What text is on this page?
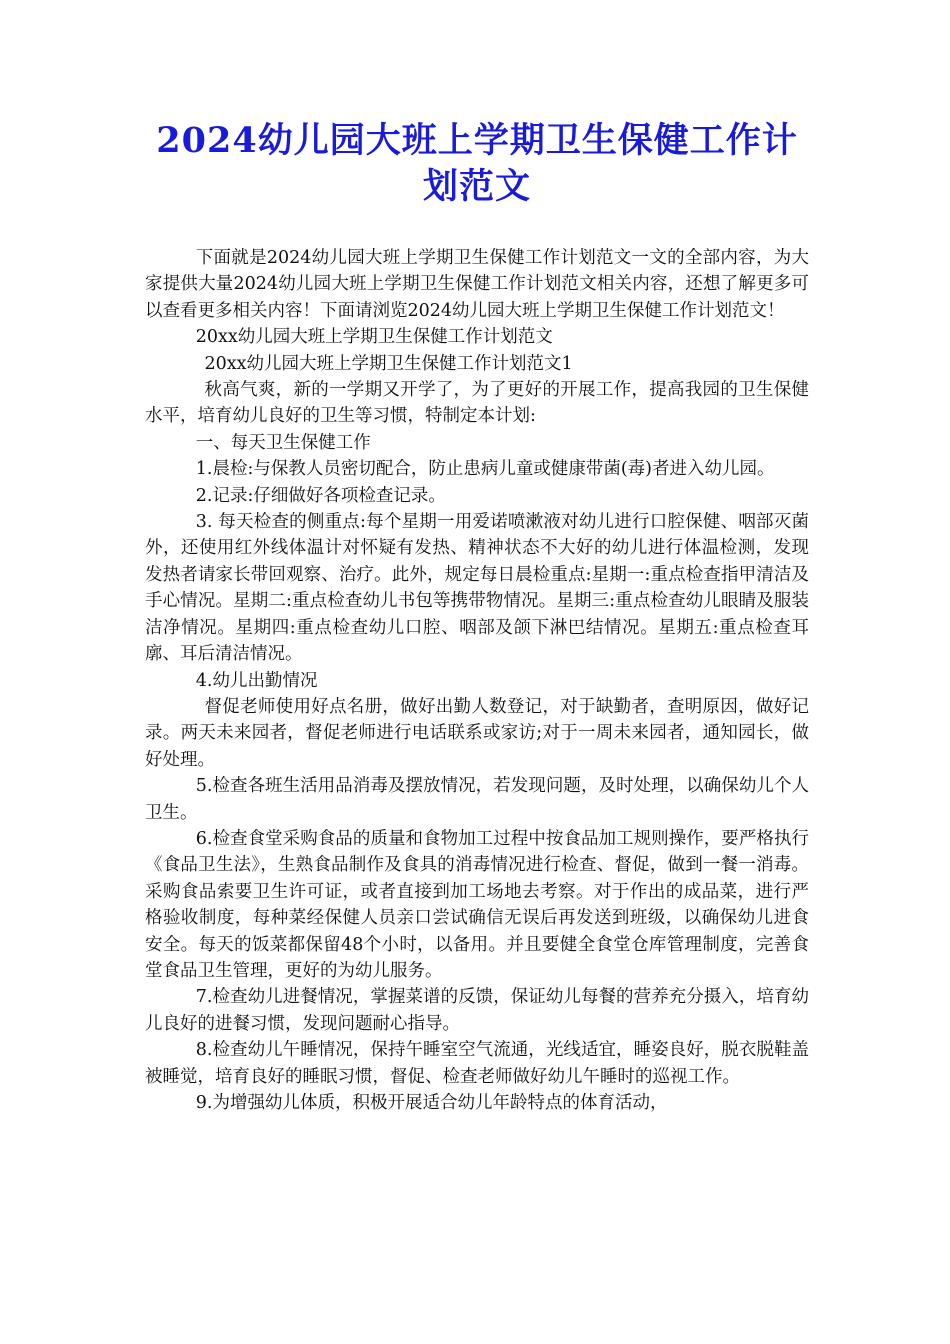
2024幼儿园大班上学期卫生保健工作计划范文

下面就是2024幼儿园大班上学期卫生保健工作计划范文一文的全部内容，为大家提供大量2024幼儿园大班上学期卫生保健工作计划范文相关内容，还想了解更多可以查看更多相关内容！下面请浏览2024幼儿园大班上学期卫生保健工作计划范文！

20xx幼儿园大班上学期卫生保健工作计划范文

20xx幼儿园大班上学期卫生保健工作计划范文1

秋高气爽，新的一学期又开学了，为了更好的开展工作，提高我园的卫生保健水平，培育幼儿良好的卫生等习惯，特制定本计划:

一、每天卫生保健工作

1.晨检:与保教人员密切配合，防止患病儿童或健康带菌(毒)者进入幼儿园。

2.记录:仔细做好各项检查记录。

3. 每天检查的侧重点:每个星期一用爱诺喷漱液对幼儿进行口腔保健、咽部灭菌外，还使用红外线体温计对怀疑有发热、精神状态不大好的幼儿进行体温检测，发现发热者请家长带回观察、治疗。此外，规定每日晨检重点:星期一:重点检查指甲清洁及手心情况。星期二:重点检查幼儿书包等携带物情况。星期三:重点检查幼儿眼睛及服装洁净情况。星期四:重点检查幼儿口腔、咽部及颌下淋巴结情况。星期五:重点检查耳廓、耳后清洁情况。

4.幼儿出勤情况

督促老师使用好点名册，做好出勤人数登记，对于缺勤者，查明原因，做好记录。两天未来园者，督促老师进行电话联系或家访;对于一周未来园者，通知园长，做好处理。

5.检查各班生活用品消毒及摆放情况，若发现问题，及时处理，以确保幼儿个人卫生。

6.检查食堂采购食品的质量和食物加工过程中按食品加工规则操作，要严格执行《食品卫生法》，生熟食品制作及食具的消毒情况进行检查、督促，做到一餐一消毒。采购食品索要卫生许可证，或者直接到加工场地去考察。对于作出的成品菜，进行严格验收制度，每种菜经保健人员亲口尝试确信无误后再发送到班级，以确保幼儿进食安全。每天的饭菜都保留48个小时，以备用。并且要健全食堂仓库管理制度，完善食堂食品卫生管理，更好的为幼儿服务。

7.检查幼儿进餐情况，掌握菜谱的反馈，保证幼儿每餐的营养充分摄入，培育幼儿良好的进餐习惯，发现问题耐心指导。

8.检查幼儿午睡情况，保持午睡室空气流通，光线适宜，睡姿良好，脱衣脱鞋盖被睡觉，培育良好的睡眠习惯，督促、检查老师做好幼儿午睡时的巡视工作。

9.为增强幼儿体质，积极开展适合幼儿年龄特点的体育活动，
